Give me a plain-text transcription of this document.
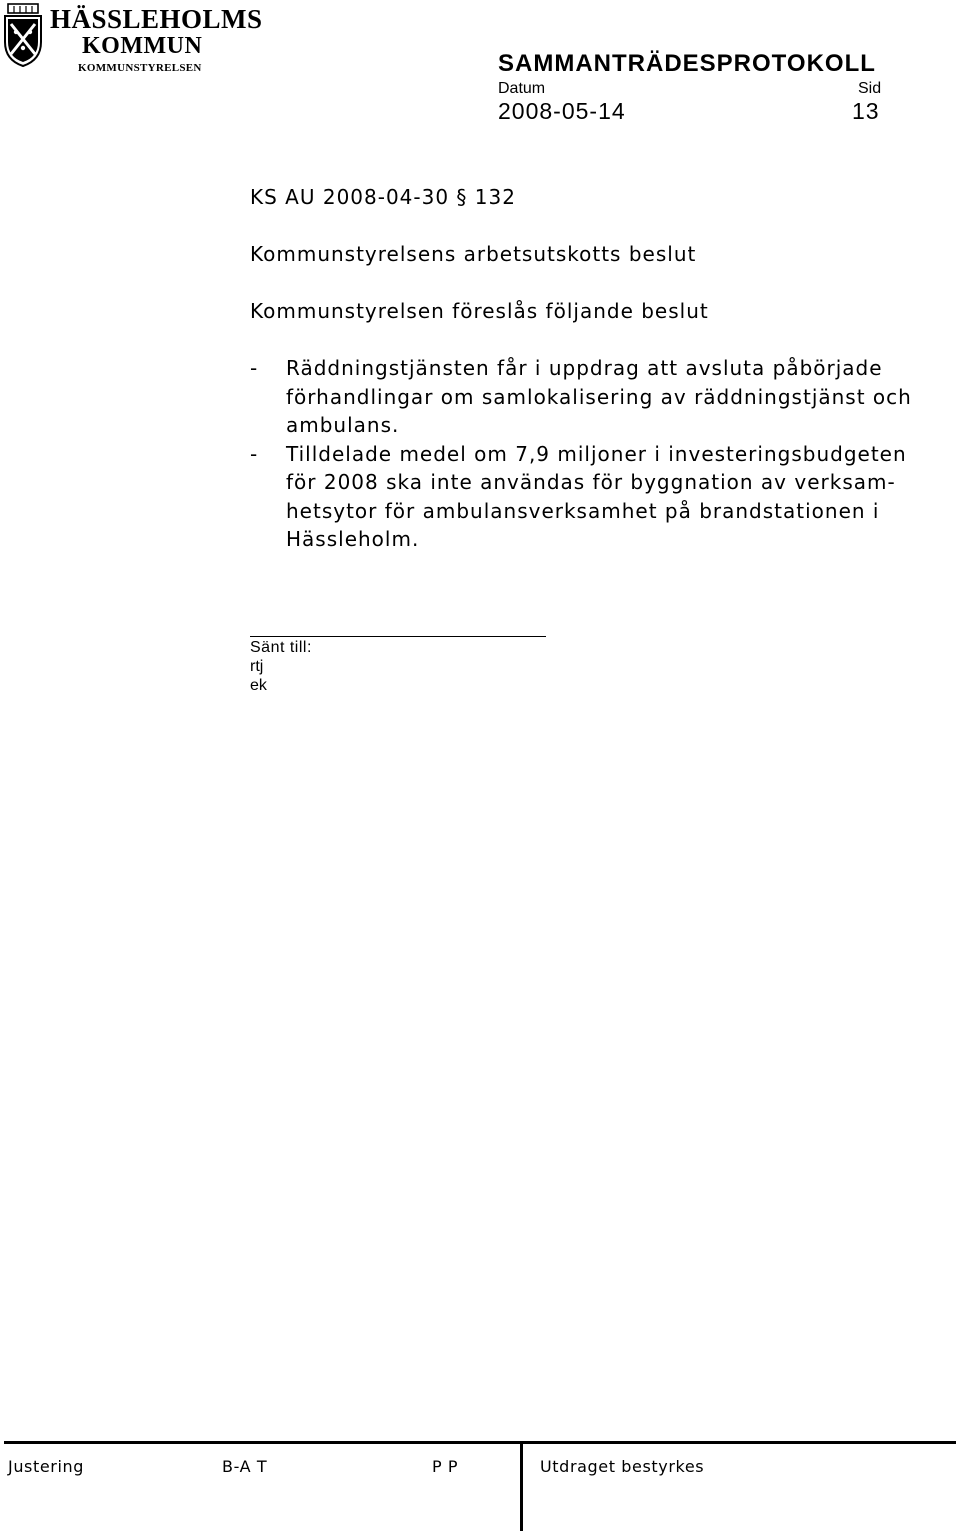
HÄSSLEHOLMS
KOMMUN
KOMMUNSTYRELSEN	SAMMANTRÄDESPROTOKOLL
Datum	Sid
2008-05-14	13
KS AU 2008-04-30 § 132
Kommunstyrelsens arbetsutskotts beslut
Kommunstyrelsen föreslås följande beslut
-	Räddningstjänsten får i uppdrag att avsluta påbörjade
förhandlingar om samlokalisering av räddningstjänst och
ambulans.
-	Tilldelade medel om 7,9 miljoner i investeringsbudgeten
för 2008 ska inte användas för byggnation av verksam-
hetsytor för ambulansverksamhet på brandstationen i
Hässleholm.
Sänt till:
rtj
ek
Justering	B-A T	P P	Utdraget bestyrkes
